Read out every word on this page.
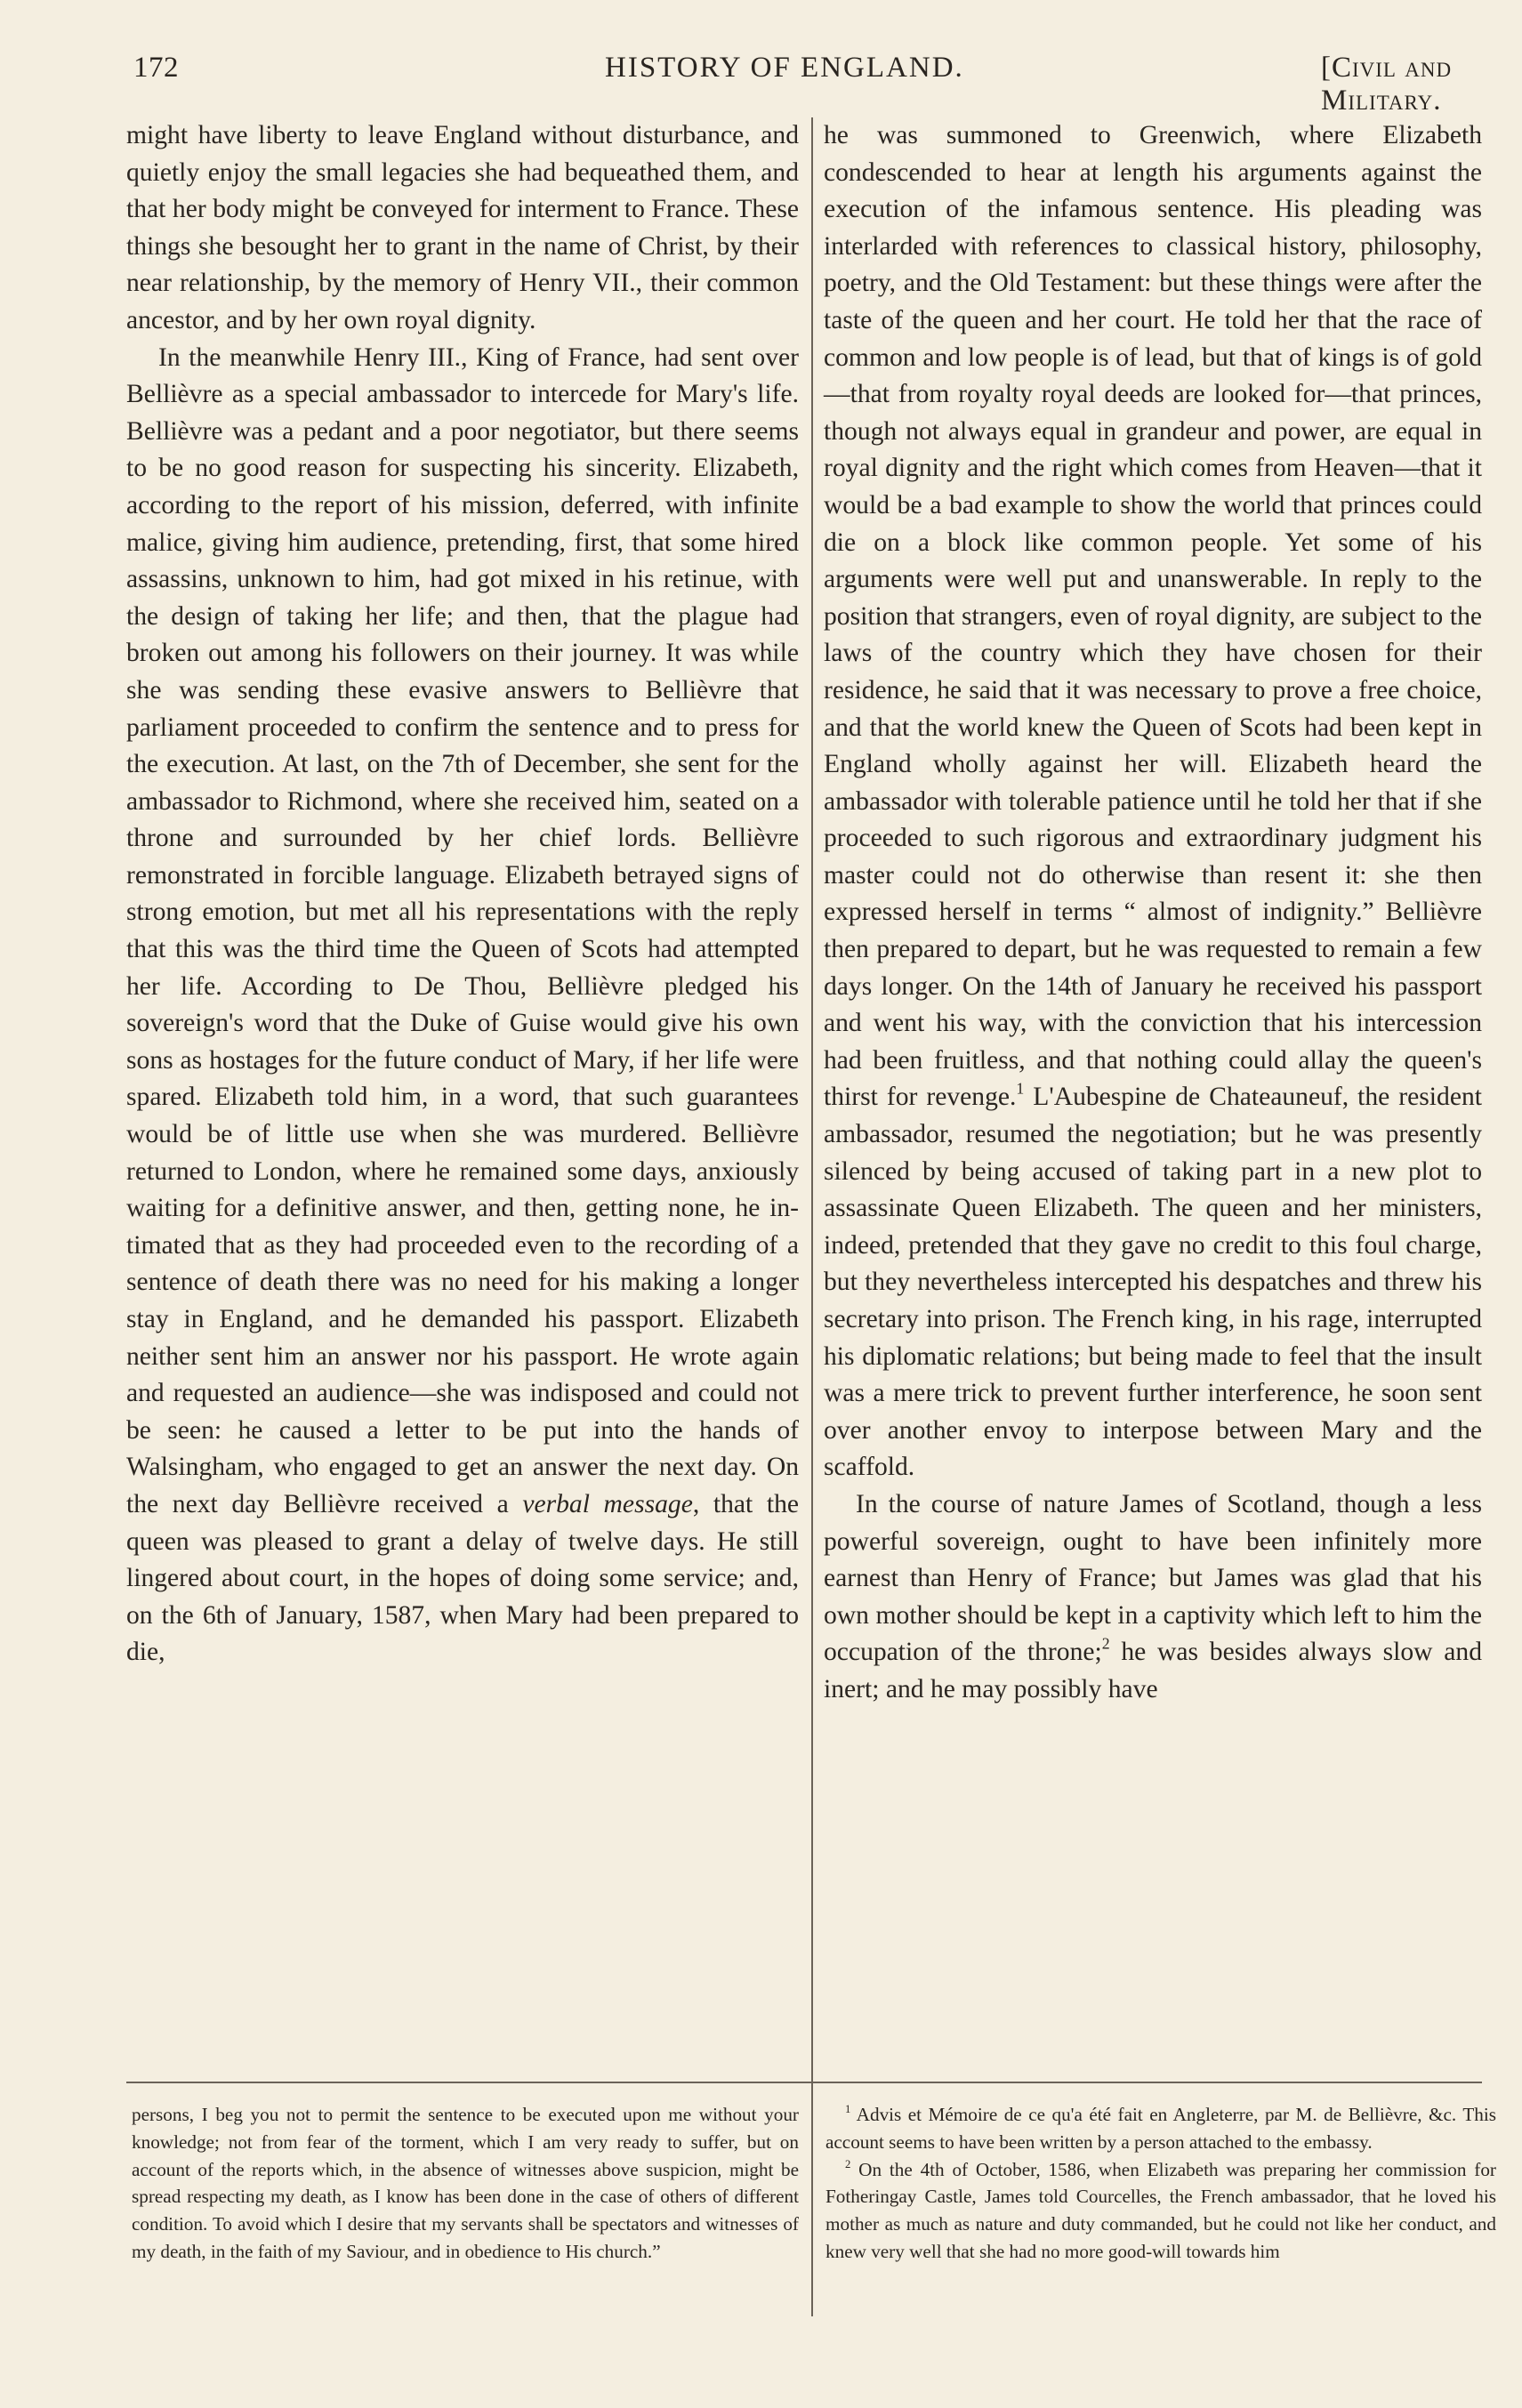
172	HISTORY OF ENGLAND.	[Civil and Military.

might have liberty to leave England without disturbance, and quietly enjoy the small legacies she had bequeathed them, and that her body might be conveyed for interment to France. These things she besought her to grant in the name of Christ, by their near relationship, by the memory of Henry VII., their common ancestor, and by her own royal dignity.

In the meanwhile Henry III., King of France, had sent over Bellièvre as a special ambassador to intercede for Mary's life. Bellièvre was a pedant and a poor negotiator, but there seems to be no good reason for suspecting his sincerity. Elizabeth, according to the report of his mission, deferred, with infinite malice, giving him audience, pretending, first, that some hired assassins, unknown to him, had got mixed in his retinue, with the design of taking her life; and then, that the plague had broken out among his followers on their journey. It was while she was sending these evasive answers to Bellièvre that parliament proceeded to confirm the sentence and to press for the execution. At last, on the 7th of December, she sent for the ambassador to Richmond, where she received him, seated on a throne and surrounded by her chief lords. Bellièvre remonstrated in forcible language. Elizabeth betrayed signs of strong emotion, but met all his representations with the reply that this was the third time the Queen of Scots had attempted her life. According to De Thou, Bellièvre pledged his sovereign's word that the Duke of Guise would give his own sons as hostages for the future conduct of Mary, if her life were spared. Elizabeth told him, in a word, that such guarantees would be of little use when she was murdered. Bellièvre returned to London, where he remained some days, anxiously waiting for a definitive answer, and then, getting none, he intimated that as they had proceeded even to the recording of a sentence of death there was no need for his making a longer stay in England, and he demanded his passport. Elizabeth neither sent him an answer nor his passport. He wrote again and requested an audience—she was indisposed and could not be seen: he caused a letter to be put into the hands of Walsingham, who engaged to get an answer the next day. On the next day Bellièvre received a verbal message, that the queen was pleased to grant a delay of twelve days. He still lingered about court, in the hopes of doing some service; and, on the 6th of January, 1587, when Mary had been prepared to die,

he was summoned to Greenwich, where Elizabeth condescended to hear at length his arguments against the execution of the infamous sentence. His pleading was interlarded with references to classical history, philosophy, poetry, and the Old Testament: but these things were after the taste of the queen and her court. He told her that the race of common and low people is of lead, but that of kings is of gold—that from royalty royal deeds are looked for—that princes, though not always equal in grandeur and power, are equal in royal dignity and the right which comes from Heaven—that it would be a bad example to show the world that princes could die on a block like common people. Yet some of his arguments were well put and unanswerable. In reply to the position that strangers, even of royal dignity, are subject to the laws of the country which they have chosen for their residence, he said that it was necessary to prove a free choice, and that the world knew the Queen of Scots had been kept in England wholly against her will. Elizabeth heard the ambassador with tolerable patience until he told her that if she proceeded to such rigorous and extraordinary judgment his master could not do otherwise than resent it: she then expressed herself in terms “ almost of indignity.” Bellièvre then prepared to depart, but he was requested to remain a few days longer. On the 14th of January he received his passport and went his way, with the conviction that his intercession had been fruitless, and that nothing could allay the queen's thirst for revenge.$^1$ L'Aubespine de Chateauneuf, the resident ambassador, resumed the negotiation; but he was presently silenced by being accused of taking part in a new plot to assassinate Queen Elizabeth. The queen and her ministers, indeed, pretended that they gave no credit to this foul charge, but they nevertheless intercepted his despatches and threw his secretary into prison. The French king, in his rage, interrupted his diplomatic relations; but being made to feel that the insult was a mere trick to prevent further interference, he soon sent over another envoy to interpose between Mary and the scaffold.

In the course of nature James of Scotland, though a less powerful sovereign, ought to have been infinitely more earnest than Henry of France; but James was glad that his own mother should be kept in a captivity which left to him the occupation of the throne;$^2$ he was besides always slow and inert; and he may possibly have

persons, I beg you not to permit the sentence to be executed upon me without your knowledge; not from fear of the torment, which I am very ready to suffer, but on account of the reports which, in the absence of witnesses above suspicion, might be spread respecting my death, as I know has been done in the case of others of different condition. To avoid which I desire that my servants shall be spectators and witnesses of my death, in the faith of my Saviour, and in obedience to His church.”

$^1$ Advis et Mémoire de ce qu'a été fait en Angleterre, par M. de Bellièvre, &c. This account seems to have been written by a person attached to the embassy.

$^2$ On the 4th of October, 1586, when Elizabeth was preparing her commission for Fotheringay Castle, James told Courcelles, the French ambassador, that he loved his mother as much as nature and duty commanded, but he could not like her conduct, and knew very well that she had no more good-will towards him
